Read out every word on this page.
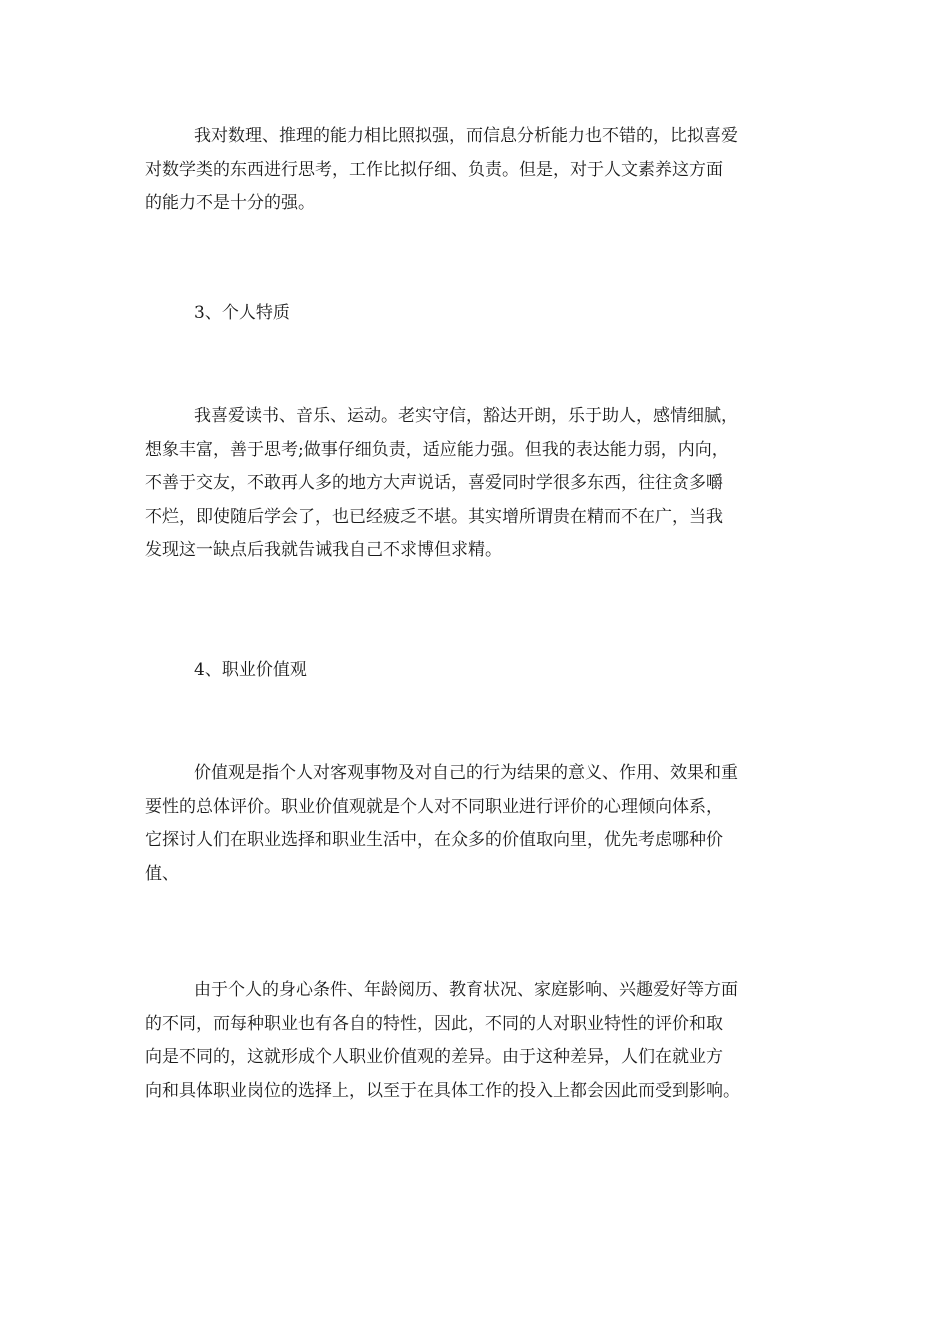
我对数理、推理的能力相比照拟强，而信息分析能力也不错的，比拟喜爱
对数学类的东西进行思考，工作比拟仔细、负责。但是，对于人文素养这方面
的能力不是十分的强。
3、个人特质
我喜爱读书、音乐、运动。老实守信，豁达开朗，乐于助人，感情细腻，
想象丰富，善于思考;做事仔细负责，适应能力强。但我的表达能力弱，内向，
不善于交友，不敢再人多的地方大声说话，喜爱同时学很多东西，往往贪多嚼
不烂，即使随后学会了，也已经疲乏不堪。其实增所谓贵在精而不在广，当我
发现这一缺点后我就告诫我自己不求博但求精。
4、职业价值观
价值观是指个人对客观事物及对自己的行为结果的意义、作用、效果和重
要性的总体评价。职业价值观就是个人对不同职业进行评价的心理倾向体系，
它探讨人们在职业选择和职业生活中，在众多的价值取向里，优先考虑哪种价
值、
由于个人的身心条件、年龄阅历、教育状况、家庭影响、兴趣爱好等方面
的不同，而每种职业也有各自的特性，因此，不同的人对职业特性的评价和取
向是不同的，这就形成个人职业价值观的差异。由于这种差异，人们在就业方
向和具体职业岗位的选择上，以至于在具体工作的投入上都会因此而受到影响。
